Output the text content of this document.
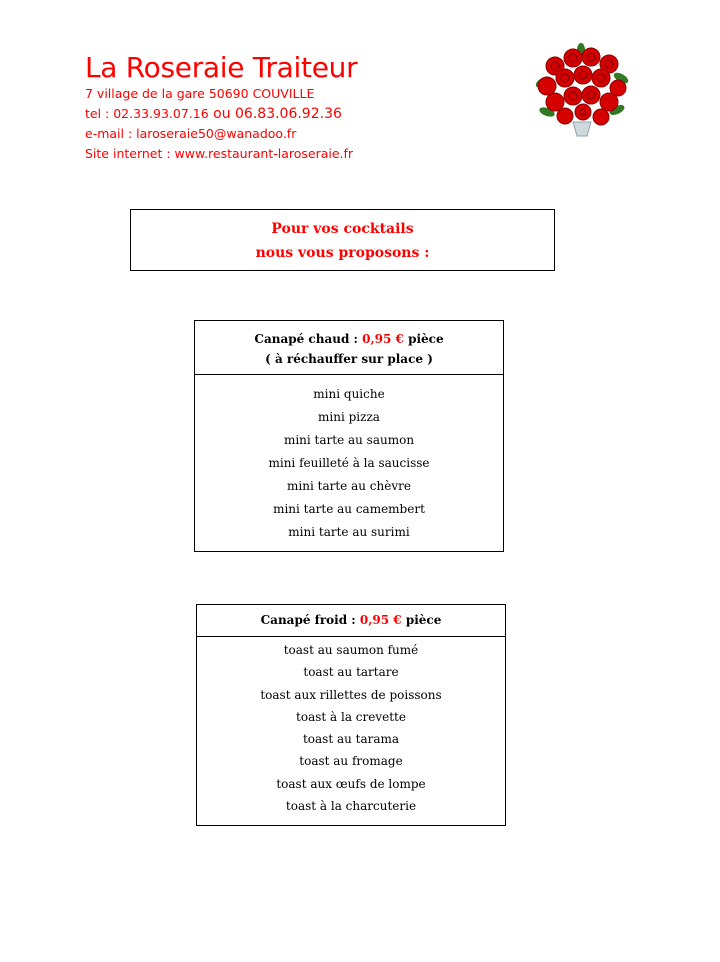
La Roseraie Traiteur
7 village de la gare 50690 COUVILLE
tel : 02.33.93.07.16 ou 06.83.06.92.36
e-mail : laroseraie50@wanadoo.fr
Site internet : www.restaurant-laroseraie.fr
Pour vos cocktails
nous vous proposons :
Canapé chaud : 0,95 € pièce
( à réchauffer sur place )
mini quiche
mini pizza
mini tarte au saumon
mini feuilleté à la saucisse
mini tarte au chèvre
mini tarte au camembert
mini tarte au surimi
Canapé froid : 0,95 € pièce
toast au saumon fumé
toast au tartare
toast aux rillettes de poissons
toast à la crevette
toast au tarama
toast au fromage
toast aux œufs de lompe
toast à la charcuterie
